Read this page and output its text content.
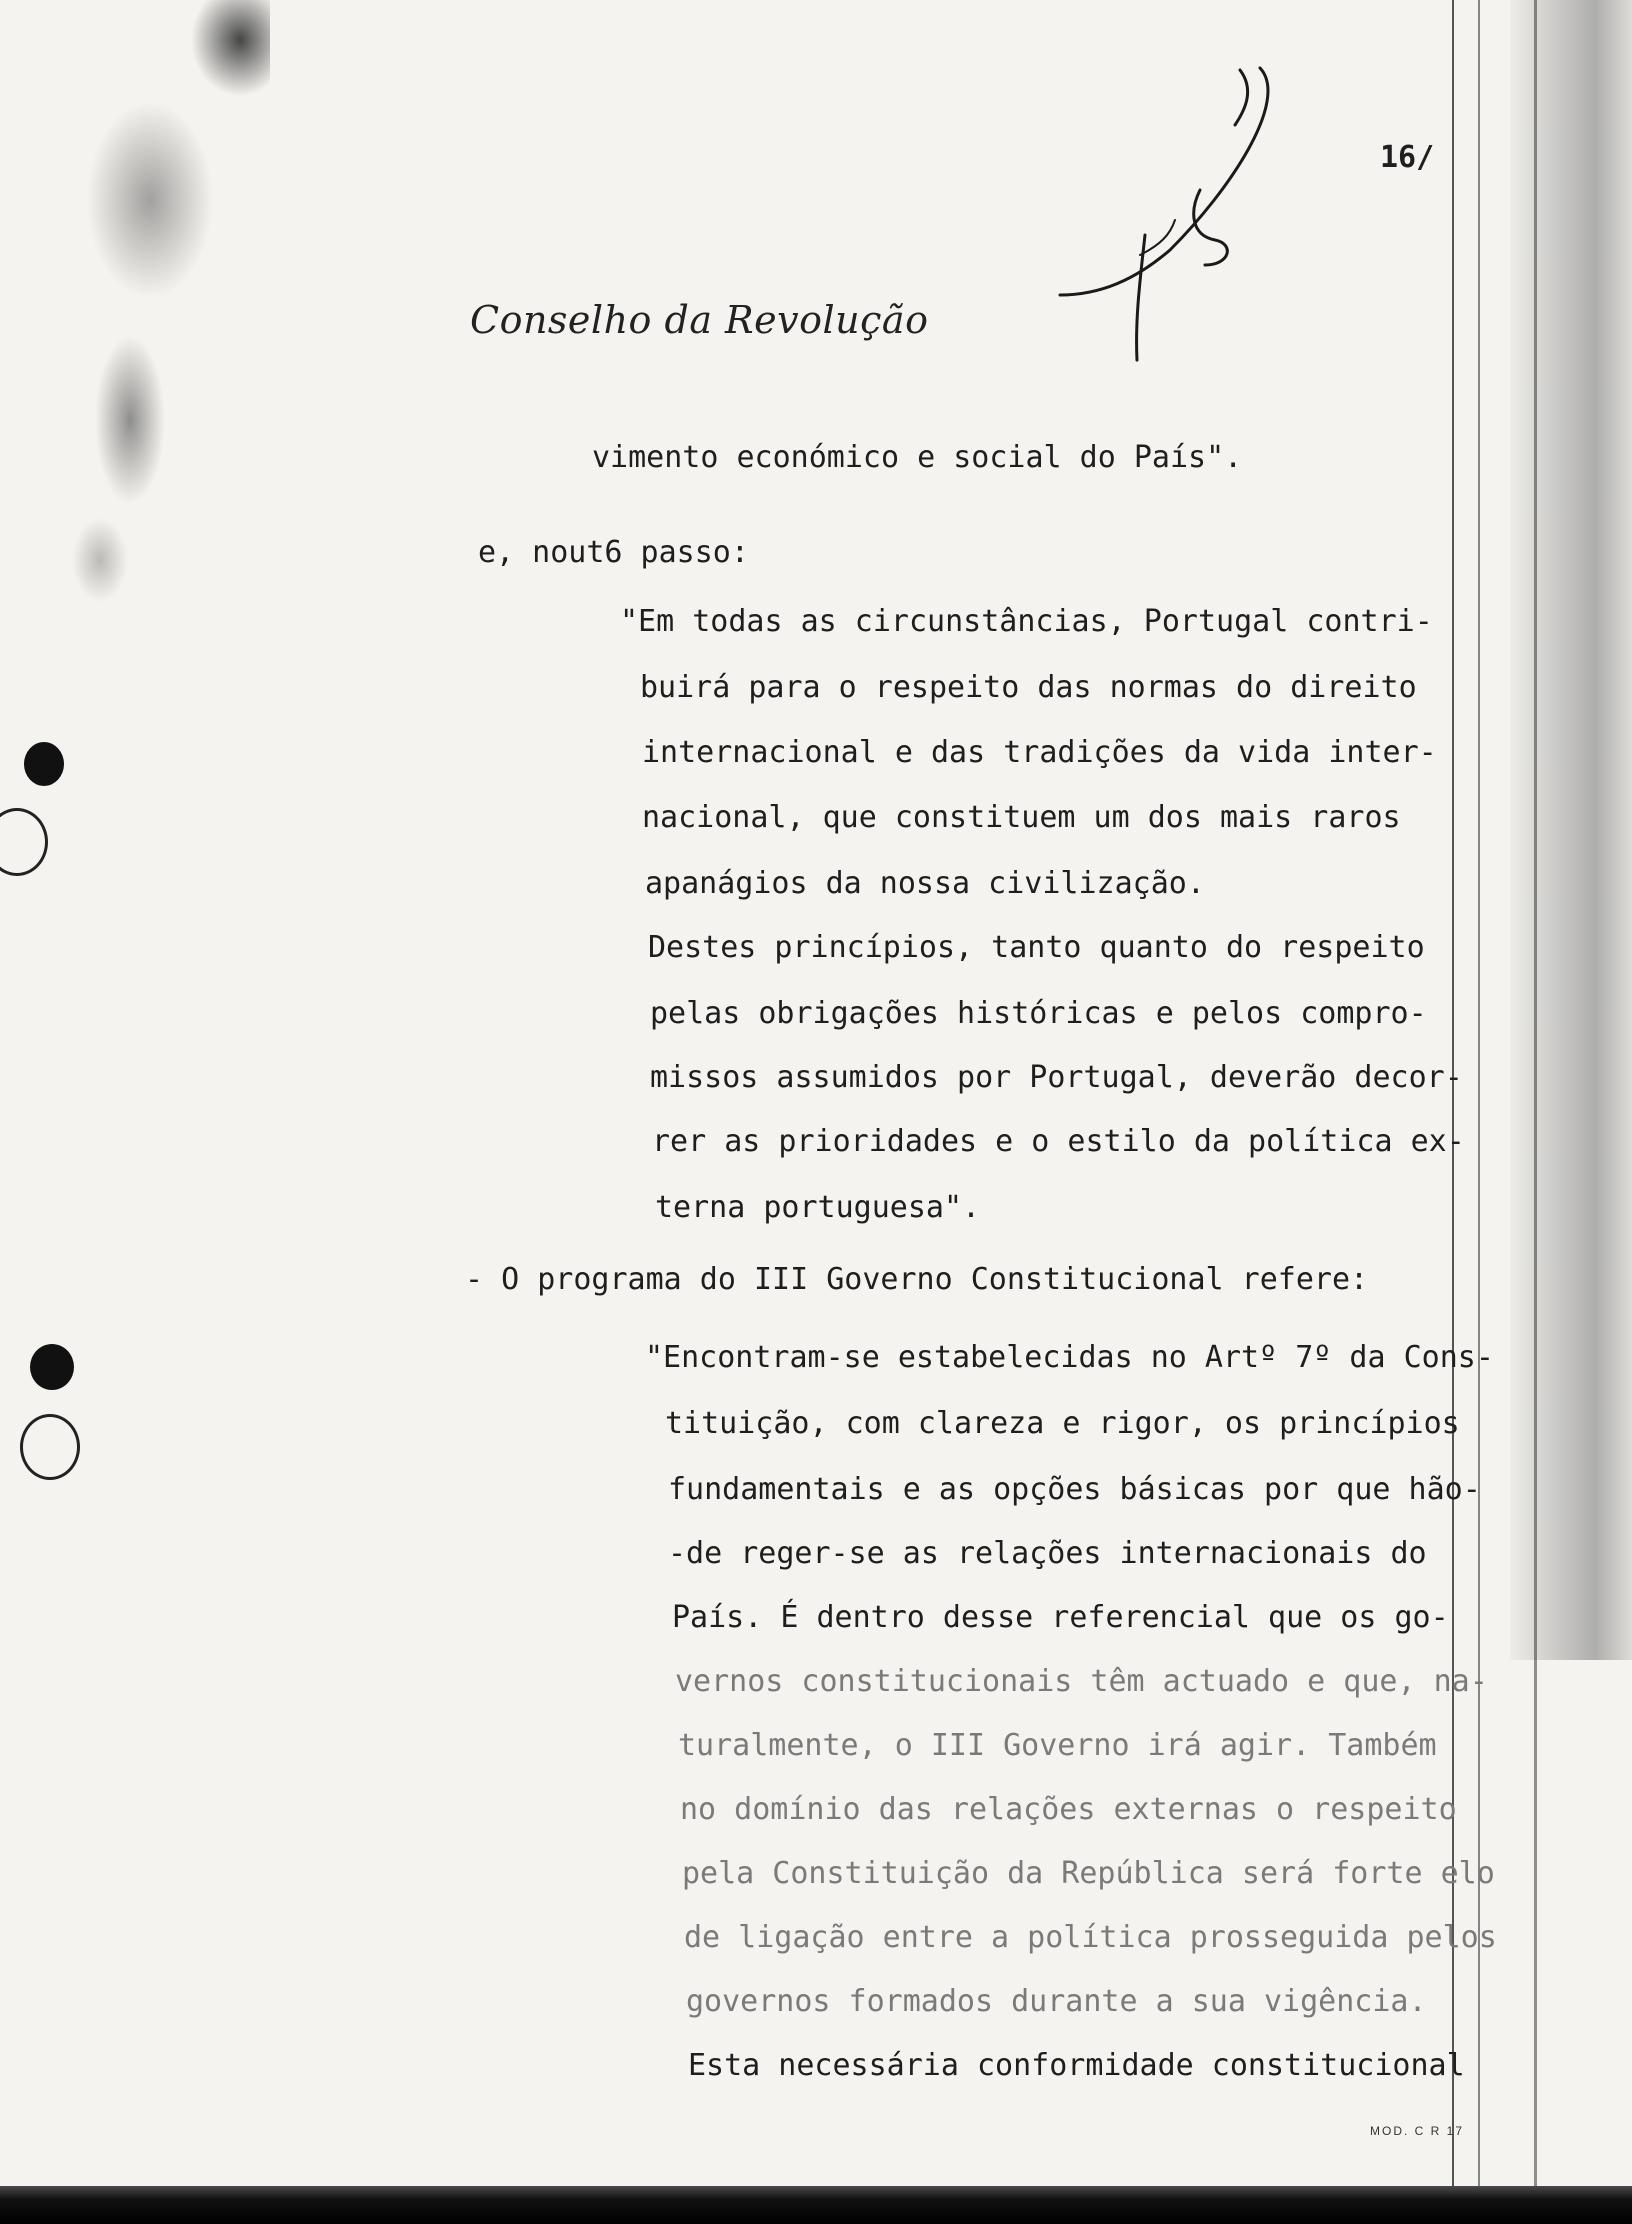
16/

Conselho da Revolução

vimento económico e social do País".

e, nout6 passo:

"Em todas as circunstâncias, Portugal contri-

buirá para o respeito das normas do direito

internacional e das tradições da vida inter-

nacional, que constituem um dos mais raros

apanágios da nossa civilização.

Destes princípios, tanto quanto do respeito

pelas obrigações históricas e pelos compro-

missos assumidos por Portugal, deverão decor-

rer as prioridades e o estilo da política ex-

terna portuguesa".

- O programa do III Governo Constitucional refere:

"Encontram-se estabelecidas no Artº 7º da Cons-

tituição, com clareza e rigor, os princípios

fundamentais e as opções básicas por que hão-

-de reger-se as relações internacionais do

País. É dentro desse referencial que os go-

vernos constitucionais têm actuado e que, na-

turalmente, o III Governo irá agir. Também

no domínio das relações externas o respeito

pela Constituição da República será forte elo

de ligação entre a política prosseguida pelos

governos formados durante a sua vigência.

Esta necessária conformidade constitucional

MOD. C R 17
